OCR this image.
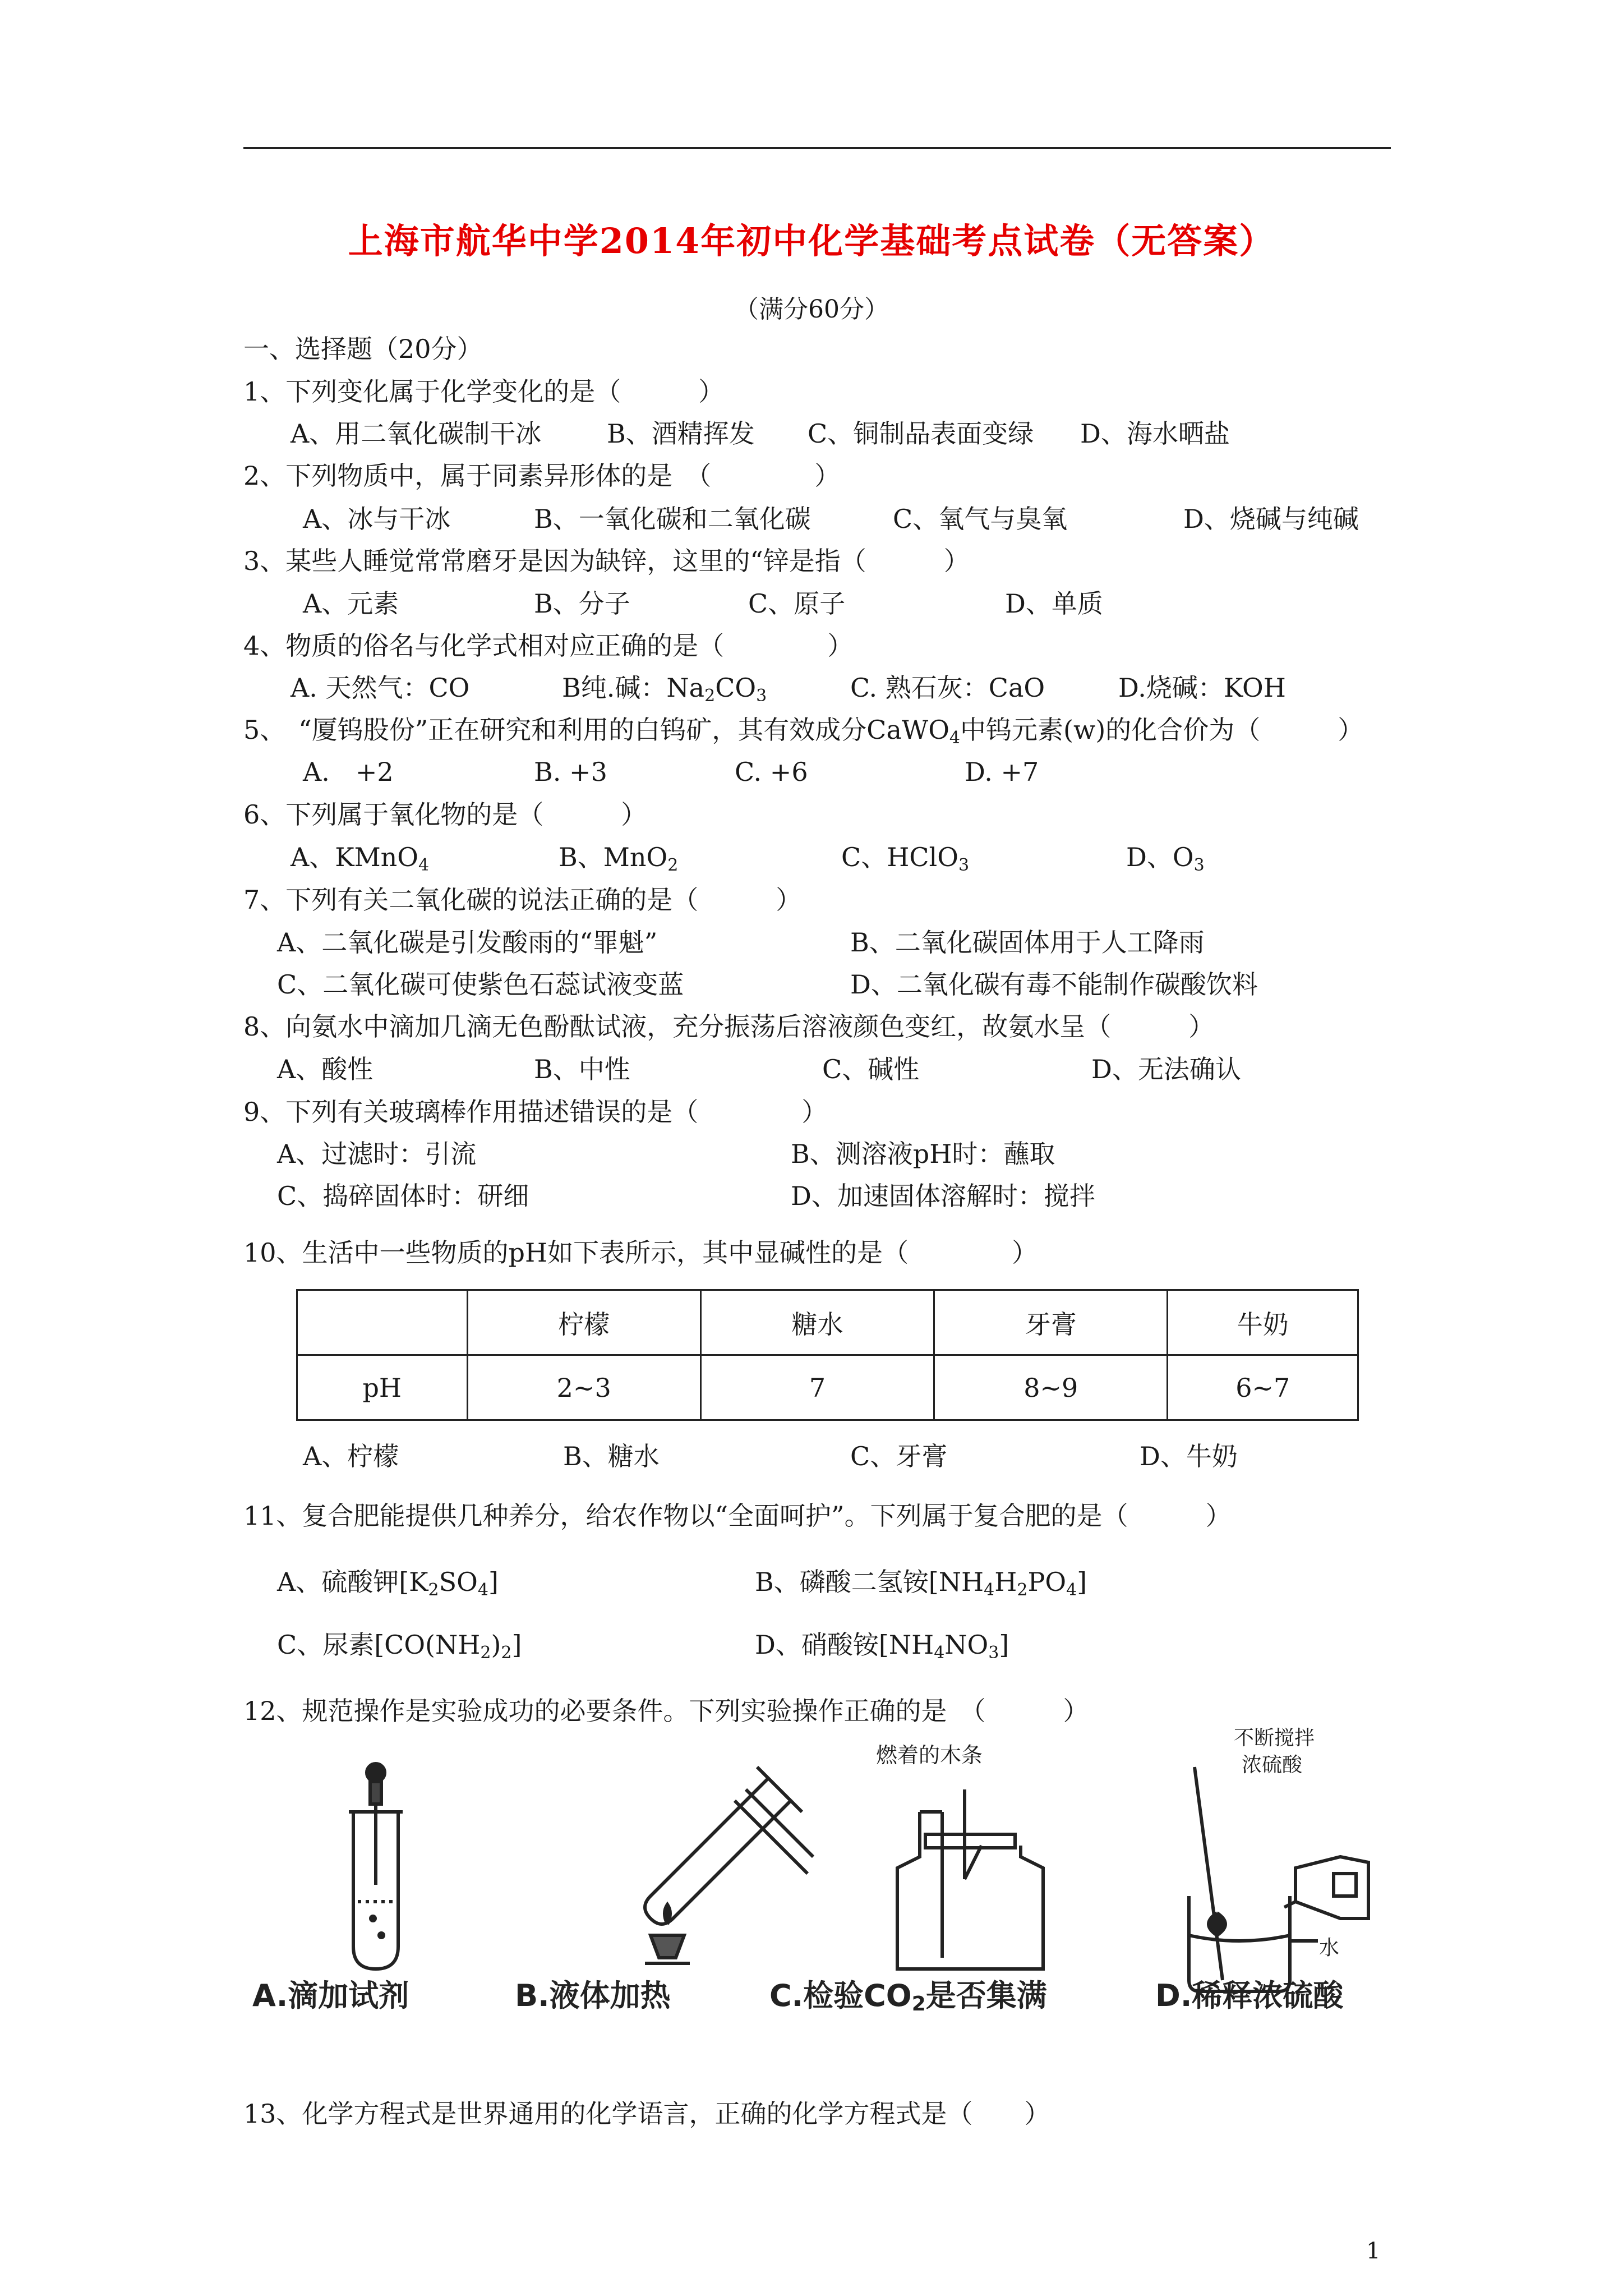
上海市航华中学2014年初中化学基础考点试卷（无答案）
（满分60分）
一、选择题（20分）
1、下列变化属于化学变化的是（　　　）
A、用二氧化碳制干冰	B、酒精挥发 C、铜制品表面变绿 D、海水晒盐
2、下列物质中，属于同素异形体的是　（　　　　）
A、冰与干冰	B、一氧化碳和二氧化碳	C、氧气与臭氧	D、烧碱与纯碱
3、某些人睡觉常常磨牙是因为缺锌，这里的“锌是指（　　　）
A、元素	B、分子	C、原子	D、单质
4、物质的俗名与化学式相对应正确的是（　　　　）
A. 天然气：CO	B纯.碱：$Na_2CO_3$	C. 熟石灰：CaO	D.烧碱：KOH
5、　“厦钨股份”正在研究和利用的白钨矿，其有效成分CaWO$_4$中钨元素(w)的化合价为（　　　）
A.　+2	B. +3	C. +6	D. +7
6、下列属于氧化物的是（　　　）
A、KMnO$_4$	B、MnO$_2$	C、HClO$_3$	D、$O_3$
7、下列有关二氧化碳的说法正确的是（　　　）
A、二氧化碳是引发酸雨的“罪魁”	B、二氧化碳固体用于人工降雨
C、二氧化碳可使紫色石蕊试液变蓝	D、二氧化碳有毒不能制作碳酸饮料
8、向氨水中滴加几滴无色酚酞试液，充分振荡后溶液颜色变红，故氨水呈（　　　）
A、酸性	B、中性	C、碱性	D、无法确认
9、下列有关玻璃棒作用描述错误的是（　　　　）
A、过滤时：引流	B、测溶液pH时：蘸取
C、捣碎固体时：研细	D、加速固体溶解时：搅拌
10、生活中一些物质的pH如下表所示，其中显碱性的是（　　　　）
	柠檬	糖水	牙膏	牛奶
pH	2~3	7	8~9	6~7
A、柠檬	B、糖水	C、牙膏	D、牛奶
11、复合肥能提供几种养分，给农作物以“全面呵护”。下列属于复合肥的是（　　　）
A、硫酸钾$[K_2SO_4]$	B、磷酸二氢铵$[NH_4H_2PO_4]$
C、尿素$[CO(NH_2)_2]$	D、硝酸铵$[NH_4NO_3]$
12、规范操作是实验成功的必要条件。下列实验操作正确的是　（　　　）
A.滴加试剂	B.液体加热
燃着的木条
C.检验$CO_2$是否集满
不断搅拌
浓硫酸
水
D.稀释浓硫酸
13、化学方程式是世界通用的化学语言，正确的化学方程式是（　　）
1
